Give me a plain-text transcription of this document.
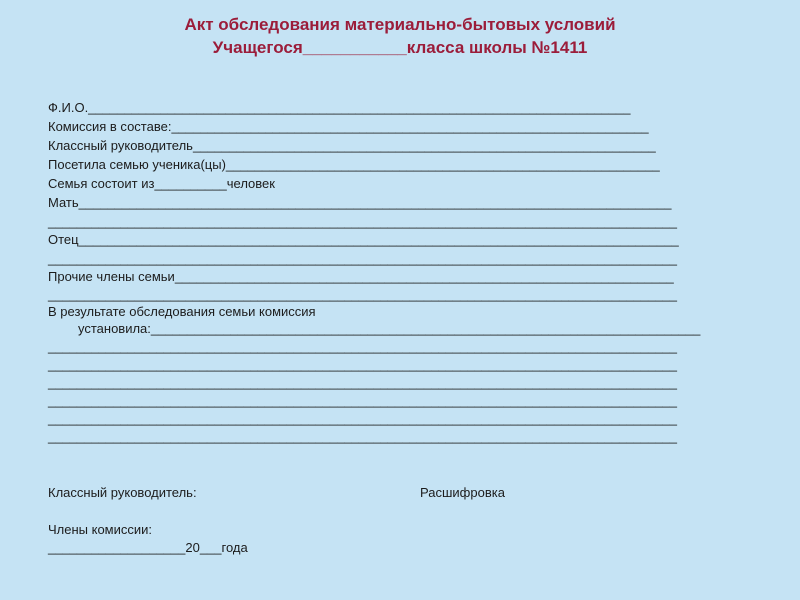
Акт обследования материально-бытовых условий
Учащегося___________класса школы №1411

Ф.И.О.___________________________________________________________________________

Комиссия в составе:__________________________________________________________________

Классный руководитель________________________________________________________________

Посетила семью ученика(цы)____________________________________________________________

Семья состоит из__________человек

Мать__________________________________________________________________________________

_______________________________________________________________________________________

Отец___________________________________________________________________________________

_______________________________________________________________________________________

Прочие члены семьи_____________________________________________________________________

_______________________________________________________________________________________

В результате обследования семьи комиссия

установила:____________________________________________________________________________

_______________________________________________________________________________________

_______________________________________________________________________________________

_______________________________________________________________________________________

_______________________________________________________________________________________

_______________________________________________________________________________________

_______________________________________________________________________________________

Классный руководитель:	Расшифровка
Члены комиссии:
___________________20___года
